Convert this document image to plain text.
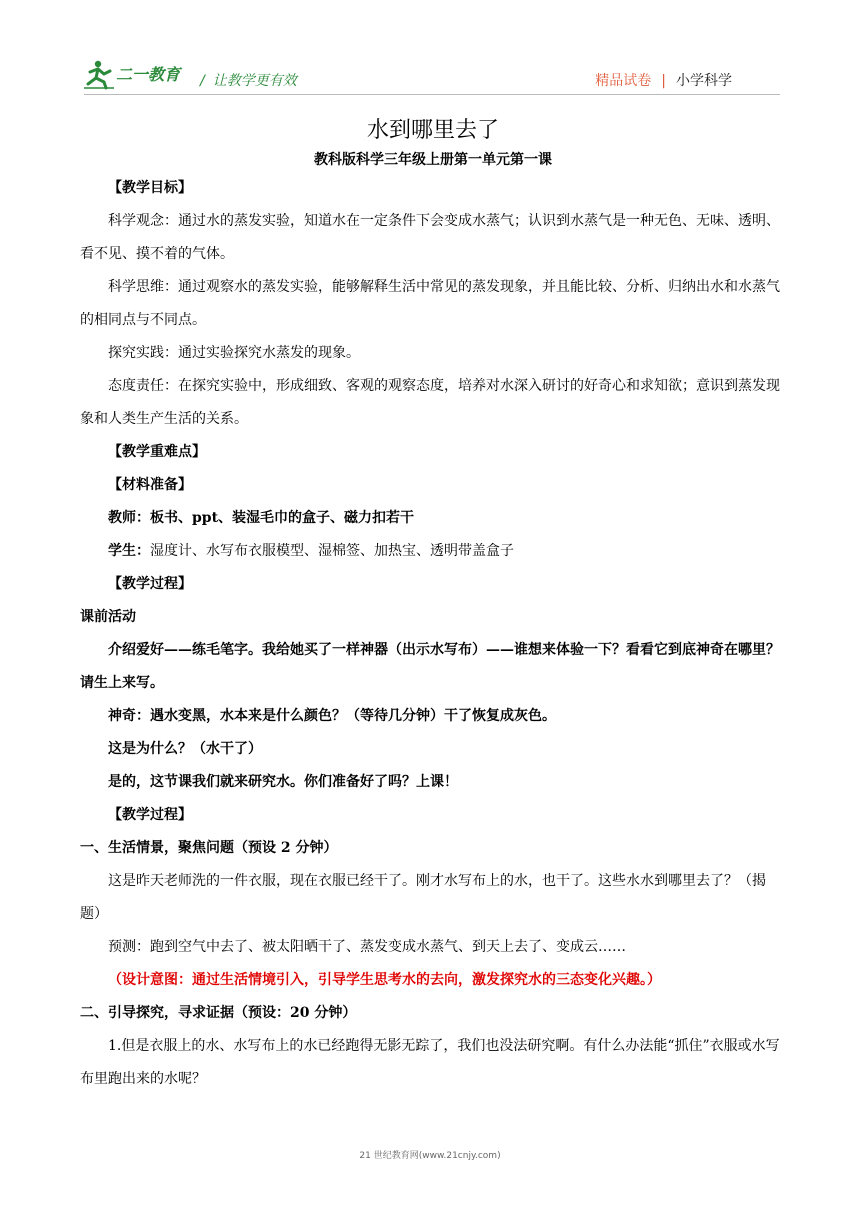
二一教育 / 让教学更有效	精品试卷 | 小学科学
水到哪里去了
教科版科学三年级上册第一单元第一课

【教学目标】

科学观念：通过水的蒸发实验，知道水在一定条件下会变成水蒸气；认识到水蒸气是一种无色、无味、透明、看不见、摸不着的气体。

科学思维：通过观察水的蒸发实验，能够解释生活中常见的蒸发现象，并且能比较、分析、归纳出水和水蒸气的相同点与不同点。

探究实践：通过实验探究水蒸发的现象。

态度责任：在探究实验中，形成细致、客观的观察态度，培养对水深入研讨的好奇心和求知欲；意识到蒸发现象和人类生产生活的关系。

【教学重难点】

【材料准备】

教师：板书、ppt、装湿毛巾的盒子、磁力扣若干

学生：湿度计、水写布衣服模型、湿棉签、加热宝、透明带盖盒子

【教学过程】

课前活动

介绍爱好——练毛笔字。我给她买了一样神器（出示水写布）——谁想来体验一下？看看它到底神奇在哪里？请生上来写。

神奇：遇水变黑，水本来是什么颜色？（等待几分钟）干了恢复成灰色。

这是为什么？（水干了）

是的，这节课我们就来研究水。你们准备好了吗？上课！

【教学过程】

一、生活情景，聚焦问题（预设 2 分钟）

这是昨天老师洗的一件衣服，现在衣服已经干了。刚才水写布上的水，也干了。这些水水到哪里去了？（揭题）

预测：跑到空气中去了、被太阳晒干了、蒸发变成水蒸气、到天上去了、变成云……

（设计意图：通过生活情境引入，引导学生思考水的去向，激发探究水的三态变化兴趣。）

二、引导探究，寻求证据（预设：20 分钟）

1.但是衣服上的水、水写布上的水已经跑得无影无踪了，我们也没法研究啊。有什么办法能“抓住”衣服或水写布里跑出来的水呢？

21 世纪教育网(www.21cnjy.com)
